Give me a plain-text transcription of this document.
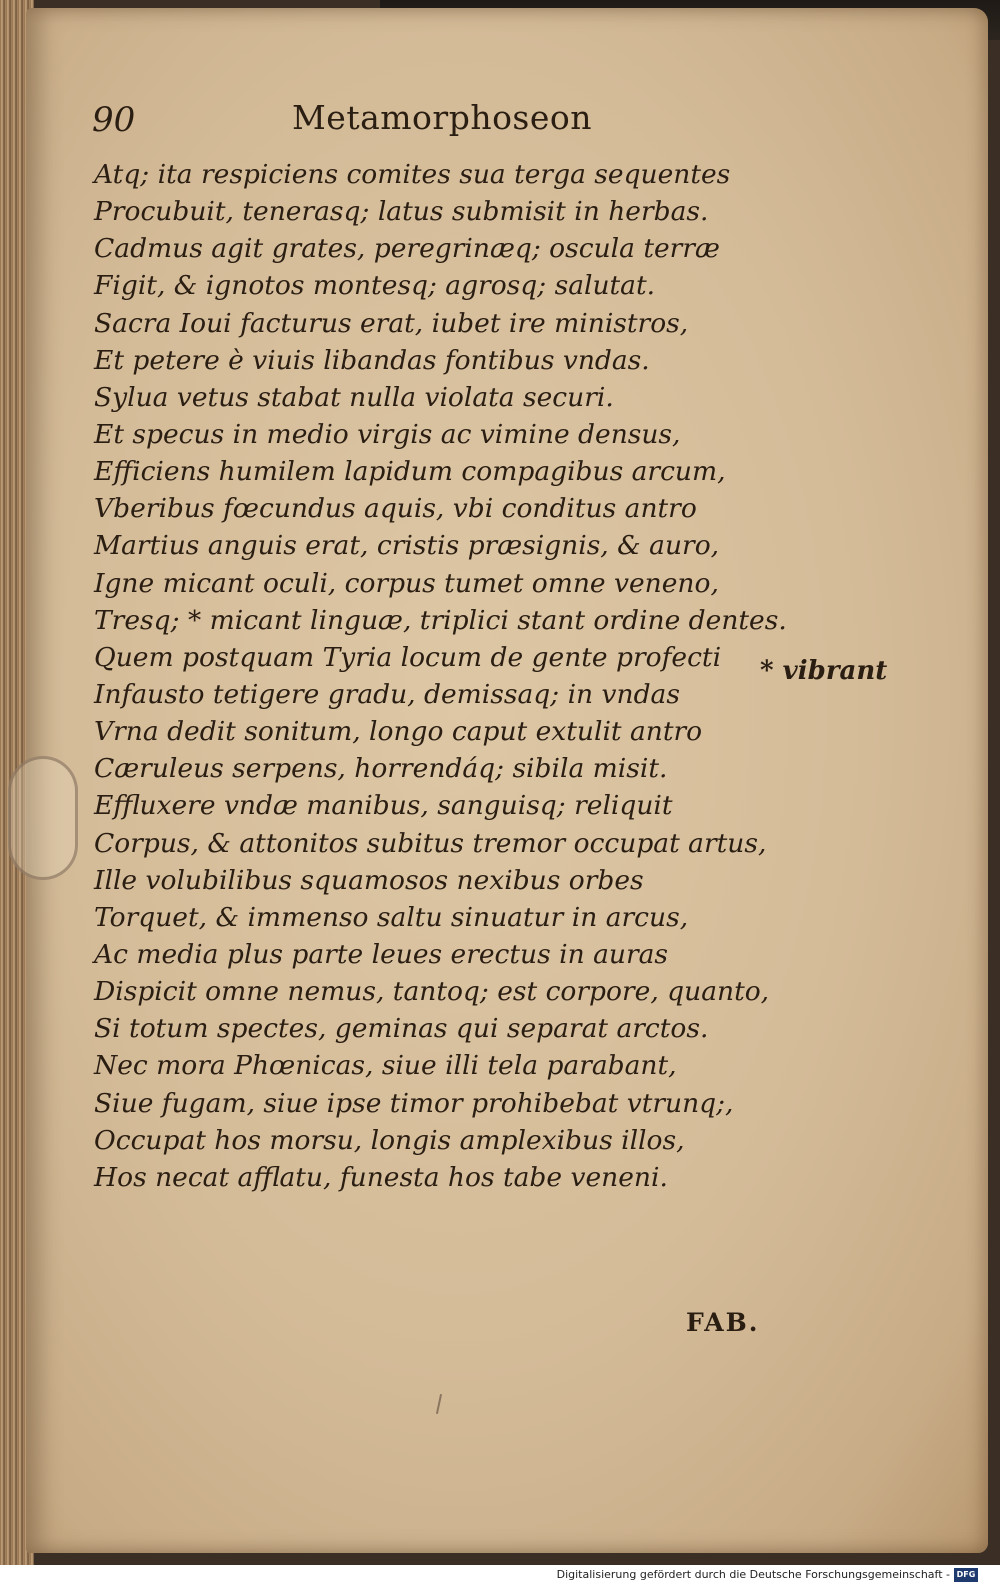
90	Metamorphoseon
Atq; ita respiciens comites sua terga sequentes
Procubuit, tenerasq; latus submisit in herbas.
Cadmus agit grates, peregrinæq; oscula terræ
Figit, & ignotos montesq; agrosq; salutat.
Sacra Ioui facturus erat, iubet ire ministros,
Et petere è viuis libandas fontibus vndas.
Sylua vetus stabat nulla violata securi.
Et specus in medio virgis ac vimine densus,
Efficiens humilem lapidum compagibus arcum,
Vberibus fœcundus aquis, vbi conditus antro
Martius anguis erat, cristis præsignis, & auro,
Igne micant oculi, corpus tumet omne veneno,
Tresq; * micant linguæ, triplici stant ordine dentes.
Quem postquam Tyria locum de gente profecti
Infausto tetigere gradu, demissaq; in vndas
Vrna dedit sonitum, longo caput extulit antro
Cæruleus serpens, horrendáq; sibila misit.
Effluxere vndæ manibus, sanguisq; reliquit
Corpus, & attonitos subitus tremor occupat artus,
Ille volubilibus squamosos nexibus orbes
Torquet, & immenso saltu sinuatur in arcus,
Ac media plus parte leues erectus in auras
Dispicit omne nemus, tantoq; est corpore, quanto,
Si totum spectes, geminas qui separat arctos.
Nec mora Phœnicas, siue illi tela parabant,
Siue fugam, siue ipse timor prohibebat vtrunq;,
Occupat hos morsu, longis amplexibus illos,
Hos necat afflatu, funesta hos tabe veneni.
* vibrant
FAB.
Digitalisierung gefördert durch die Deutsche Forschungsgemeinschaft - DFG
